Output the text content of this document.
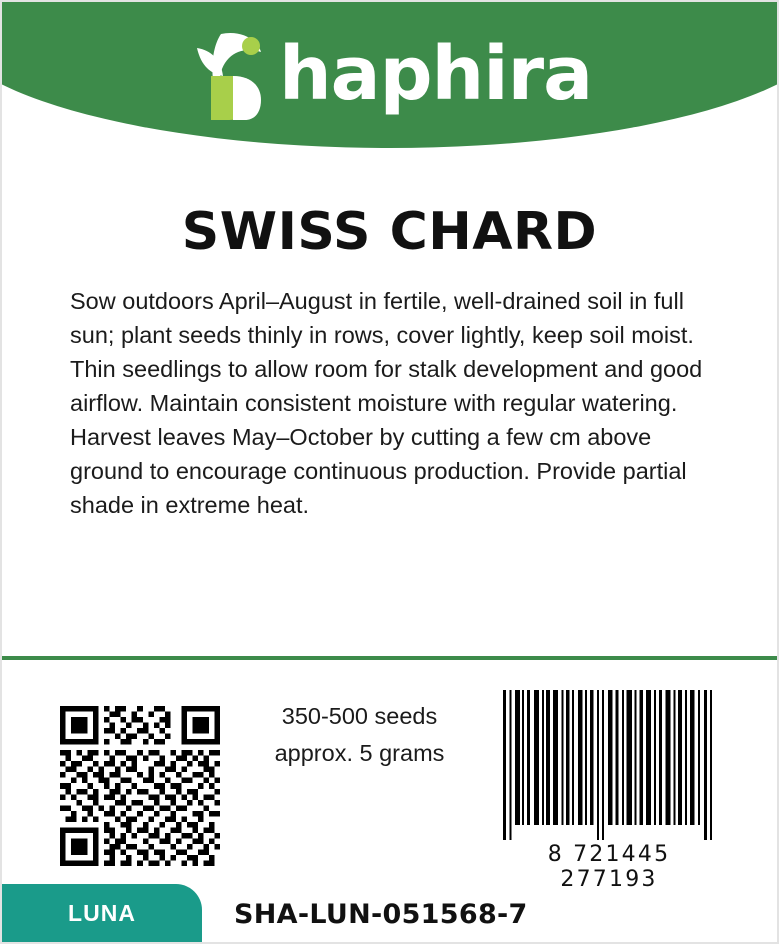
haphira
SWISS CHARD

Sow outdoors April–August in fertile, well-drained soil in full sun; plant seeds thinly in rows, cover lightly, keep soil moist. Thin seedlings to allow room for stalk development and good airflow. Maintain consistent moisture with regular watering. Harvest leaves May–October by cutting a few cm above ground to encourage continuous production. Provide partial shade in extreme heat.

350-500 seeds
approx. 5 grams
8 721445 277193
LUNA	SHA-LUN-051568-7
